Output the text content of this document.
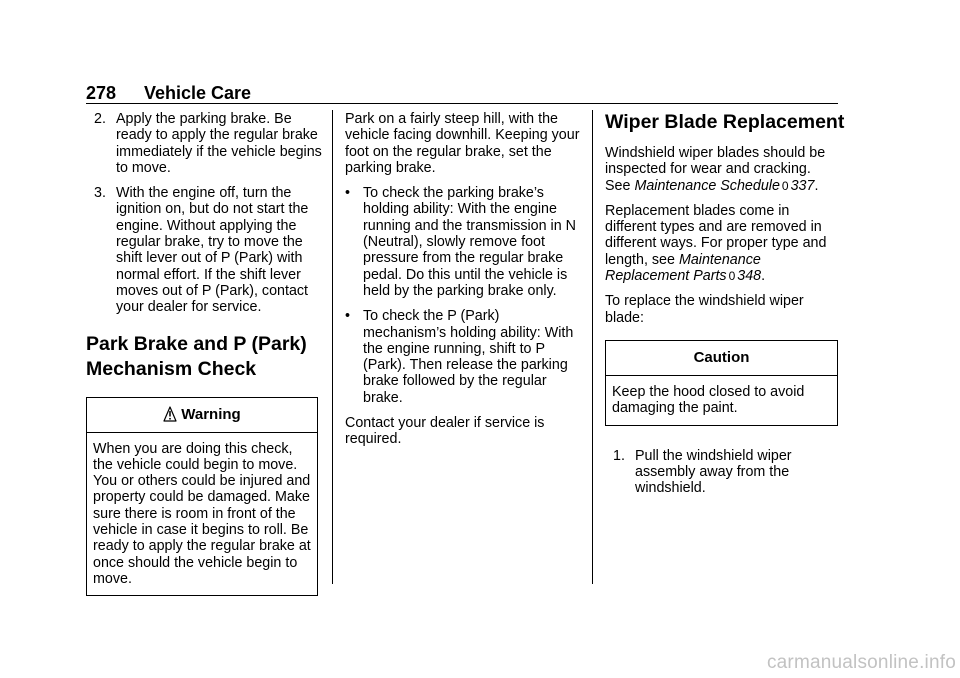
278 Vehicle Care
2. Apply the parking brake. Be ready to apply the regular brake immediately if the vehicle begins to move.
3. With the engine off, turn the ignition on, but do not start the engine. Without applying the regular brake, try to move the shift lever out of P (Park) with normal effort. If the shift lever moves out of P (Park), contact your dealer for service.
Park Brake and P (Park)
Mechanism Check
Warning
When you are doing this check, the vehicle could begin to move. You or others could be injured and property could be damaged. Make sure there is room in front of the vehicle in case it begins to roll. Be ready to apply the regular brake at once should the vehicle begin to move.

Park on a fairly steep hill, with the vehicle facing downhill. Keeping your foot on the regular brake, set the parking brake.

• To check the parking brake’s holding ability: With the engine running and the transmission in N (Neutral), slowly remove foot pressure from the regular brake pedal. Do this until the vehicle is held by the parking brake only.
• To check the P (Park) mechanism’s holding ability: With the engine running, shift to P (Park). Then release the parking brake followed by the regular brake.

Contact your dealer if service is required.

Wiper Blade Replacement

Windshield wiper blades should be inspected for wear and cracking. See Maintenance Schedule 0 337.

Replacement blades come in different types and are removed in different ways. For proper type and length, see Maintenance Replacement Parts 0 348.

To replace the windshield wiper blade:

Caution
Keep the hood closed to avoid damaging the paint.
1. Pull the windshield wiper assembly away from the windshield.
carmanualsonline.info
